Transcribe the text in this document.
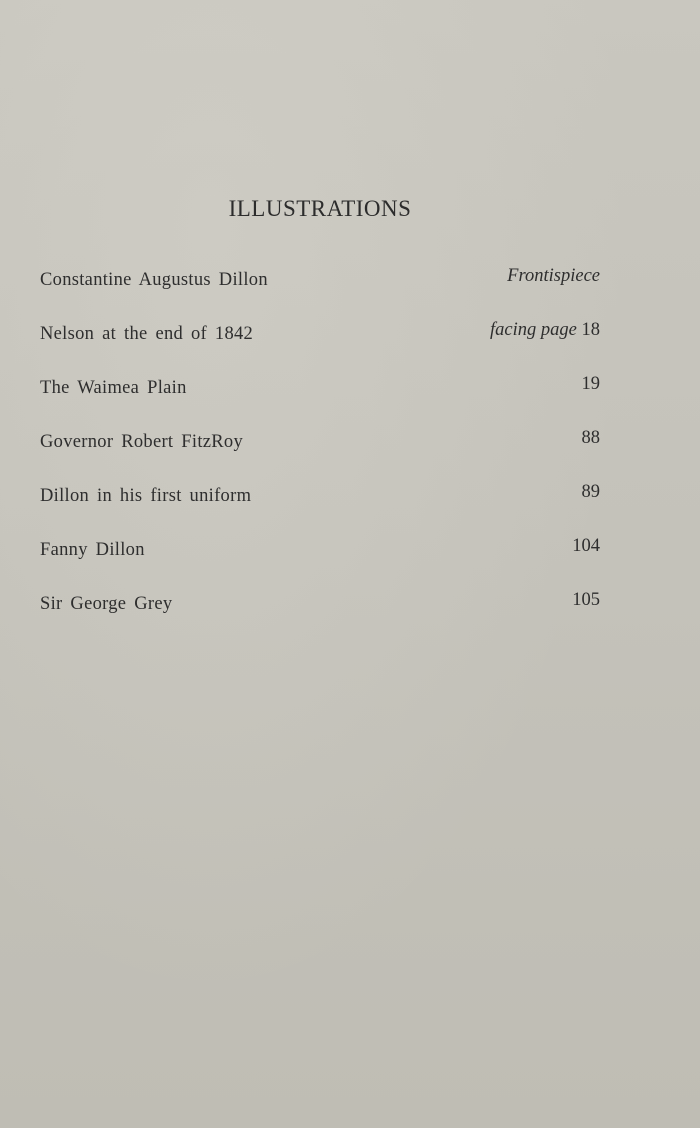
ILLUSTRATIONS
Constantine Augustus Dillon	Frontispiece
Nelson at the end of 1842	facing page 18
The Waimea Plain	19
Governor Robert FitzRoy	88
Dillon in his first uniform	89
Fanny Dillon	104
Sir George Grey	105
